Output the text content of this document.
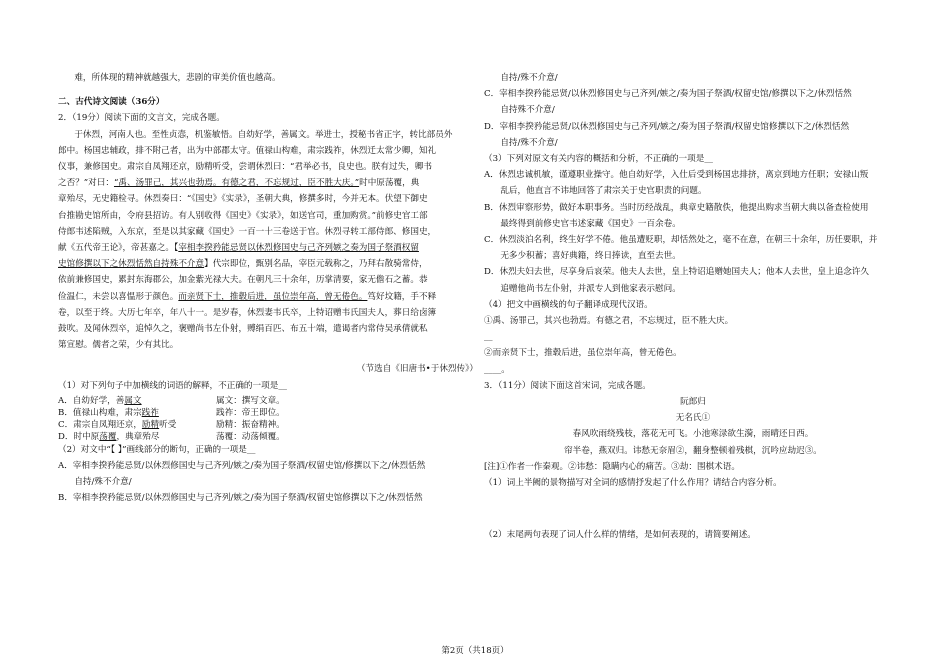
难，所体现的精神就越强大，悲剧的审美价值也越高。

二、古代诗文阅读（36分）

2．（19分）阅读下面的文言文，完成各题。

于休烈，河南人也。至性贞悫，机鉴敏悟。自幼好学，善属文。举进士，授秘书省正字，转比部员外

郎中。杨国忠辅政，排不附己者，出为中部郡太守。值禄山构难，肃宗践祚，休烈迁太常少卿，知礼

仪事，兼修国史。肃宗自凤翔还京，励精听受，尝谓休烈曰：“君举必书，良史也。朕有过失，卿书

之否？”对曰：“禹、汤罪己，其兴也勃焉。有德之君，不忘规过，臣不胜大庆。”时中原荡覆，典

章殆尽，无史籍检寻。休烈奏曰：“《国史》《实录》，圣朝大典，修撰多时，今并无本。伏望下御史

台推勘史馆所由，令府县招访。有人别收得《国史》《实录》，如送官司，重加购赏。”前修史官工部

侍郎韦述陷贼，入东京，至是以其家藏《国史》一百一十三卷送于官。休烈寻转工部侍郎、修国史，

献《五代帝王论》，帝甚嘉之。【宰相李揆矜能忌贤以休烈修国史与己齐列嫉之奏为国子祭酒权留

史馆修撰以下之休烈恬然自持殊不介意】代宗即位，甄别名品，宰臣元载称之，乃拜右散骑常侍，

依前兼修国史，累封东海郡公，加金紫光禄大夫。在朝凡三十余年，历掌清要，家无儋石之蓄。恭

俭温仁，未尝以喜愠形于颜色。而亲贤下士，推毂后进，虽位崇年高，曾无倦色。笃好坟籍，手不释

卷，以至于终。大历七年卒，年八十一。是岁春，休烈妻韦氏卒，上特诏赠韦氏国夫人，葬日给卤簿

鼓吹。及闻休烈卒，追悼久之，褒赠尚书左仆射，赙绢百匹、布五十端，遣谒者内常侍吴承倩就私

第宣慰。儒者之荣，少有其比。

（节选自《旧唐书•于休烈传》）

（1）对下列句子中加横线的词语的解释，不正确的一项是__

A．自幼好学，善属文	属文：撰写文章。
B．值禄山构难，肃宗践祚	践祚：帝王即位。
C．肃宗自凤翔还京，励精听受	励精：振奋精神。
D．时中原荡覆，典章殆尽	荡覆：动荡倾覆。

（2）对文中“【 】”画线部分的断句，正确的一项是__

A．宰相李揆矜能忌贤/以休烈修国史与己齐列/嫉之/奏为国子祭酒/权留史馆/修撰以下之/休烈恬然

自持/殊不介意/

B．宰相李揆矜能忌贤/以休烈修国史与己齐列/嫉之/奏为国子祭酒/权留史馆修撰以下之/休烈恬然

自持/殊不介意/

C．宰相李揆矜能忌贤/以休烈修国史与己齐列/嫉之/奏为国子祭酒/权留史馆/修撰以下之/休烈恬然

自持殊不介意/

D．宰相李揆矜能忌贤/以休烈修国史与己齐列/嫉之/奏为国子祭酒/权留史馆修撰以下之/休烈恬然

自持/殊不介意/

（3）下列对原文有关内容的概括和分析，不正确的一项是__

A．休烈忠诚机敏，谨遵职业操守。他自幼好学，入仕后受到杨国忠排挤，离京到地方任职；安禄山叛

乱后，他直言不讳地回答了肃宗关于史官职责的问题。

B．休烈审察形势，做好本职事务。当时历经战乱，典章史籍散佚，他提出购求当朝大典以备查检使用

最终得到前修史官韦述家藏《国史》一百余卷。

C．休烈淡泊名利，终生好学不倦。他虽遭贬职，却恬然处之，毫不在意，在朝三十余年，历任要职，并

无多少积蓄；喜好典籍，终日捧读，直至去世。

D．休烈夫妇去世，尽享身后哀荣。他夫人去世，皇上特诏追赠她国夫人；他本人去世，皇上追念许久

追赠他尚书左仆射，并派专人到他家表示慰问。

（4）把文中画横线的句子翻译成现代汉语。

①禹、汤罪己，其兴也勃焉。有德之君，不忘规过，臣不胜大庆。

__

②而亲贤下士，推毂后进，虽位崇年高，曾无倦色。

____。

3．（11分）阅读下面这首宋词，完成各题。

阮郎归

无名氏①

春风吹雨绕残枝，落花无可飞。小池寒渌欲生漪，雨晴还日西。

帘半卷，燕双归。讳愁无奈眉②，翻身整顿着残棋，沉吟应劫迟③。

[注]①作者一作秦观。②讳愁：隐瞒内心的痛苦。③劫：围棋术语。

（1）词上半阙的景物描写对全词的感情抒发起了什么作用？请结合内容分析。

（2）末尾两句表现了词人什么样的情绪，是如何表现的，请简要阐述。

第2页（共18页）
